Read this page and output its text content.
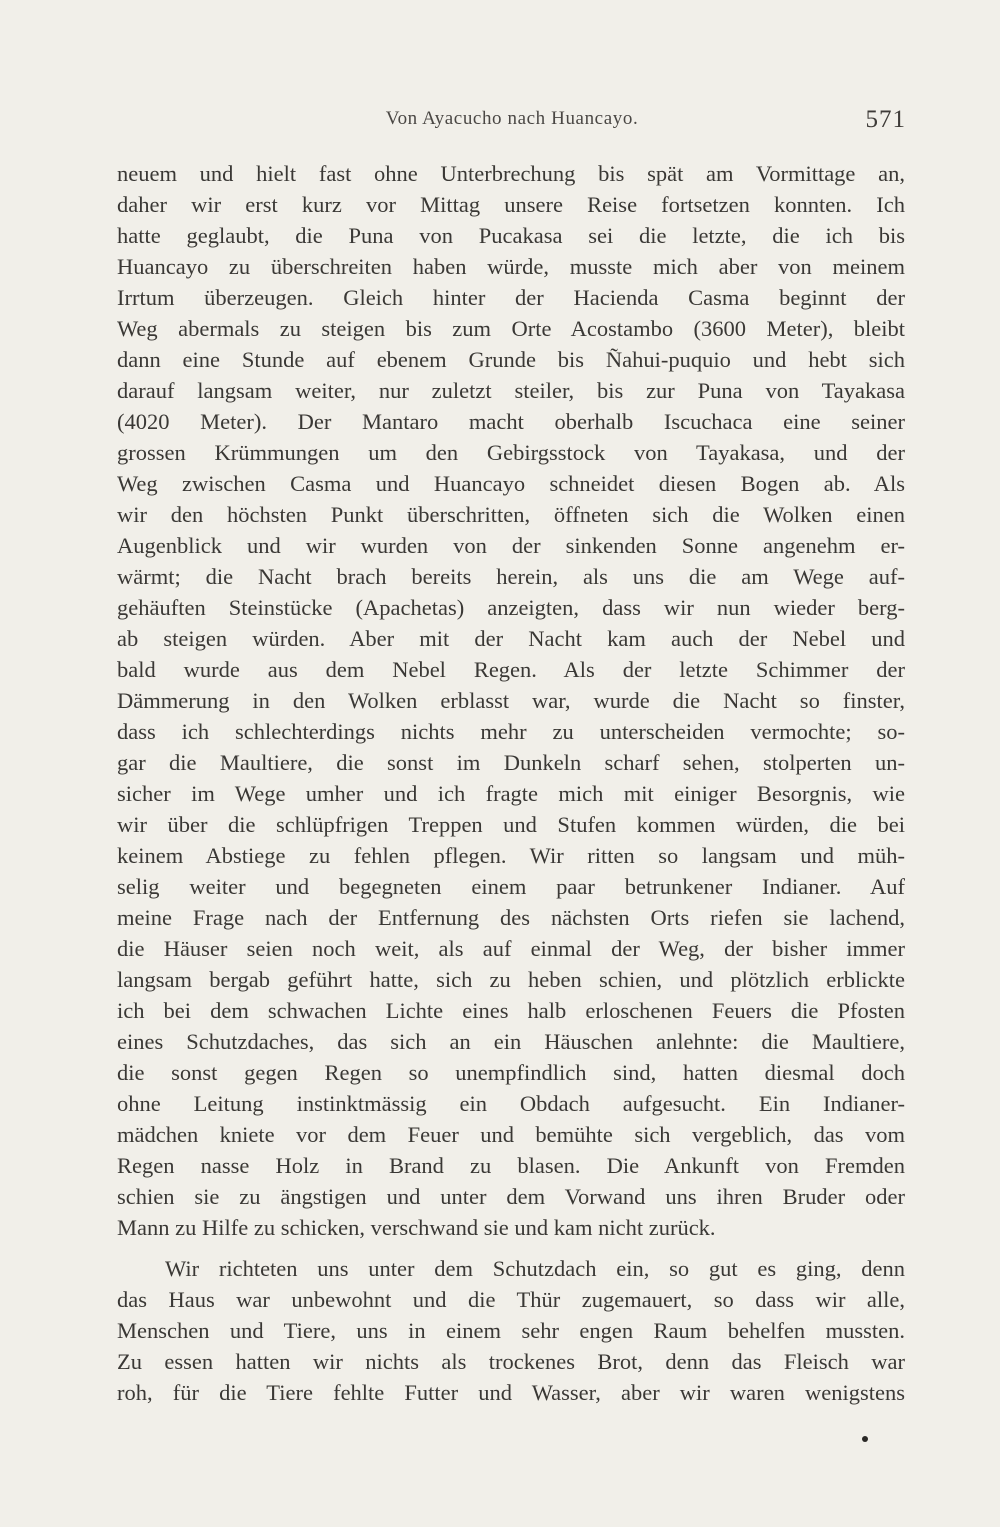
Von Ayacucho nach Huancayo.	571
neuem und hielt fast ohne Unterbrechung bis spät am Vormittage an,
daher wir erst kurz vor Mittag unsere Reise fortsetzen konnten. Ich
hatte geglaubt, die Puna von Pucakasa sei die letzte, die ich bis
Huancayo zu überschreiten haben würde, musste mich aber von meinem
Irrtum überzeugen. Gleich hinter der Hacienda Casma beginnt der
Weg abermals zu steigen bis zum Orte Acostambo (3600 Meter), bleibt
dann eine Stunde auf ebenem Grunde bis Ñahui-puquio und hebt sich
darauf langsam weiter, nur zuletzt steiler, bis zur Puna von Tayakasa
(4020 Meter). Der Mantaro macht oberhalb Iscuchaca eine seiner
grossen Krümmungen um den Gebirgsstock von Tayakasa, und der
Weg zwischen Casma und Huancayo schneidet diesen Bogen ab. Als
wir den höchsten Punkt überschritten, öffneten sich die Wolken einen
Augenblick und wir wurden von der sinkenden Sonne angenehm er-
wärmt; die Nacht brach bereits herein, als uns die am Wege auf-
gehäuften Steinstücke (Apachetas) anzeigten, dass wir nun wieder berg-
ab steigen würden. Aber mit der Nacht kam auch der Nebel und
bald wurde aus dem Nebel Regen. Als der letzte Schimmer der
Dämmerung in den Wolken erblasst war, wurde die Nacht so finster,
dass ich schlechterdings nichts mehr zu unterscheiden vermochte; so-
gar die Maultiere, die sonst im Dunkeln scharf sehen, stolperten un-
sicher im Wege umher und ich fragte mich mit einiger Besorgnis, wie
wir über die schlüpfrigen Treppen und Stufen kommen würden, die bei
keinem Abstiege zu fehlen pflegen. Wir ritten so langsam und müh-
selig weiter und begegneten einem paar betrunkener Indianer. Auf
meine Frage nach der Entfernung des nächsten Orts riefen sie lachend,
die Häuser seien noch weit, als auf einmal der Weg, der bisher immer
langsam bergab geführt hatte, sich zu heben schien, und plötzlich erblickte
ich bei dem schwachen Lichte eines halb erloschenen Feuers die Pfosten
eines Schutzdaches, das sich an ein Häuschen anlehnte: die Maultiere,
die sonst gegen Regen so unempfindlich sind, hatten diesmal doch
ohne Leitung instinktmässig ein Obdach aufgesucht. Ein Indianer-
mädchen kniete vor dem Feuer und bemühte sich vergeblich, das vom
Regen nasse Holz in Brand zu blasen. Die Ankunft von Fremden
schien sie zu ängstigen und unter dem Vorwand uns ihren Bruder oder
Mann zu Hilfe zu schicken, verschwand sie und kam nicht zurück.
Wir richteten uns unter dem Schutzdach ein, so gut es ging, denn
das Haus war unbewohnt und die Thür zugemauert, so dass wir alle,
Menschen und Tiere, uns in einem sehr engen Raum behelfen mussten.
Zu essen hatten wir nichts als trockenes Brot, denn das Fleisch war
roh, für die Tiere fehlte Futter und Wasser, aber wir waren wenigstens
